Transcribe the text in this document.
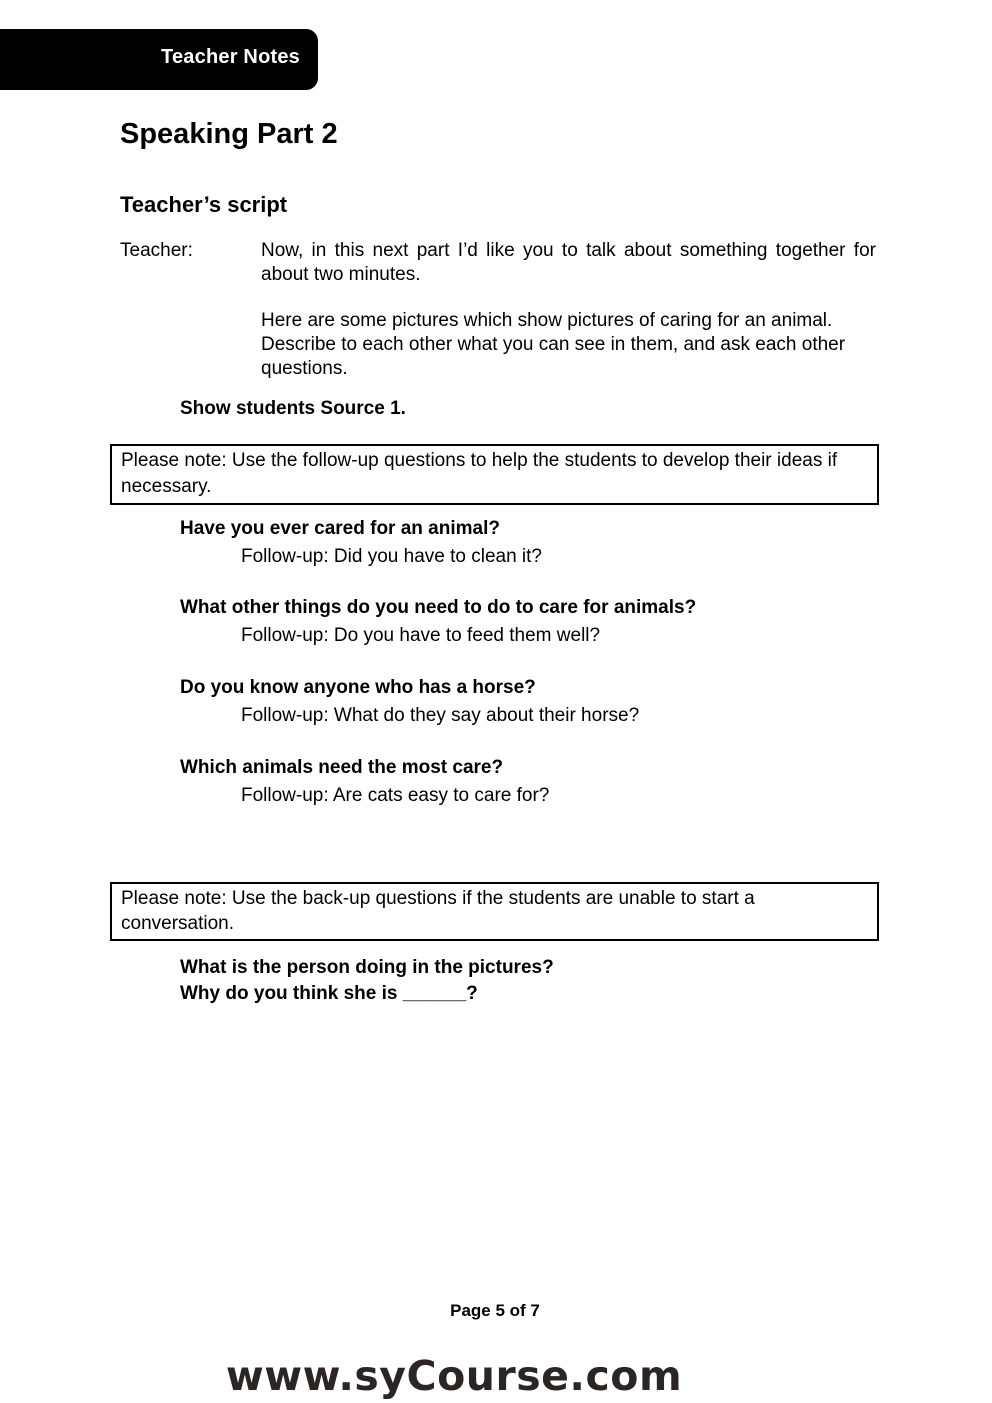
Teacher Notes
Speaking Part 2
Teacher’s script
Teacher:	Now, in this next part I’d like you to talk about something together for about two minutes.
Here are some pictures which show pictures of caring for an animal. Describe to each other what you can see in them, and ask each other questions.
Show students Source 1.
Please note: Use the follow-up questions to help the students to develop their ideas if necessary.
Have you ever cared for an animal?
Follow-up: Did you have to clean it?
What other things do you need to do to care for animals?
Follow-up: Do you have to feed them well?
Do you know anyone who has a horse?
Follow-up: What do they say about their horse?
Which animals need the most care?
Follow-up: Are cats easy to care for?
Please note: Use the back-up questions if the students are unable to start a conversation.
What is the person doing in the pictures?
Why do you think she is ______?
Page 5 of 7
www.syCourse.com
